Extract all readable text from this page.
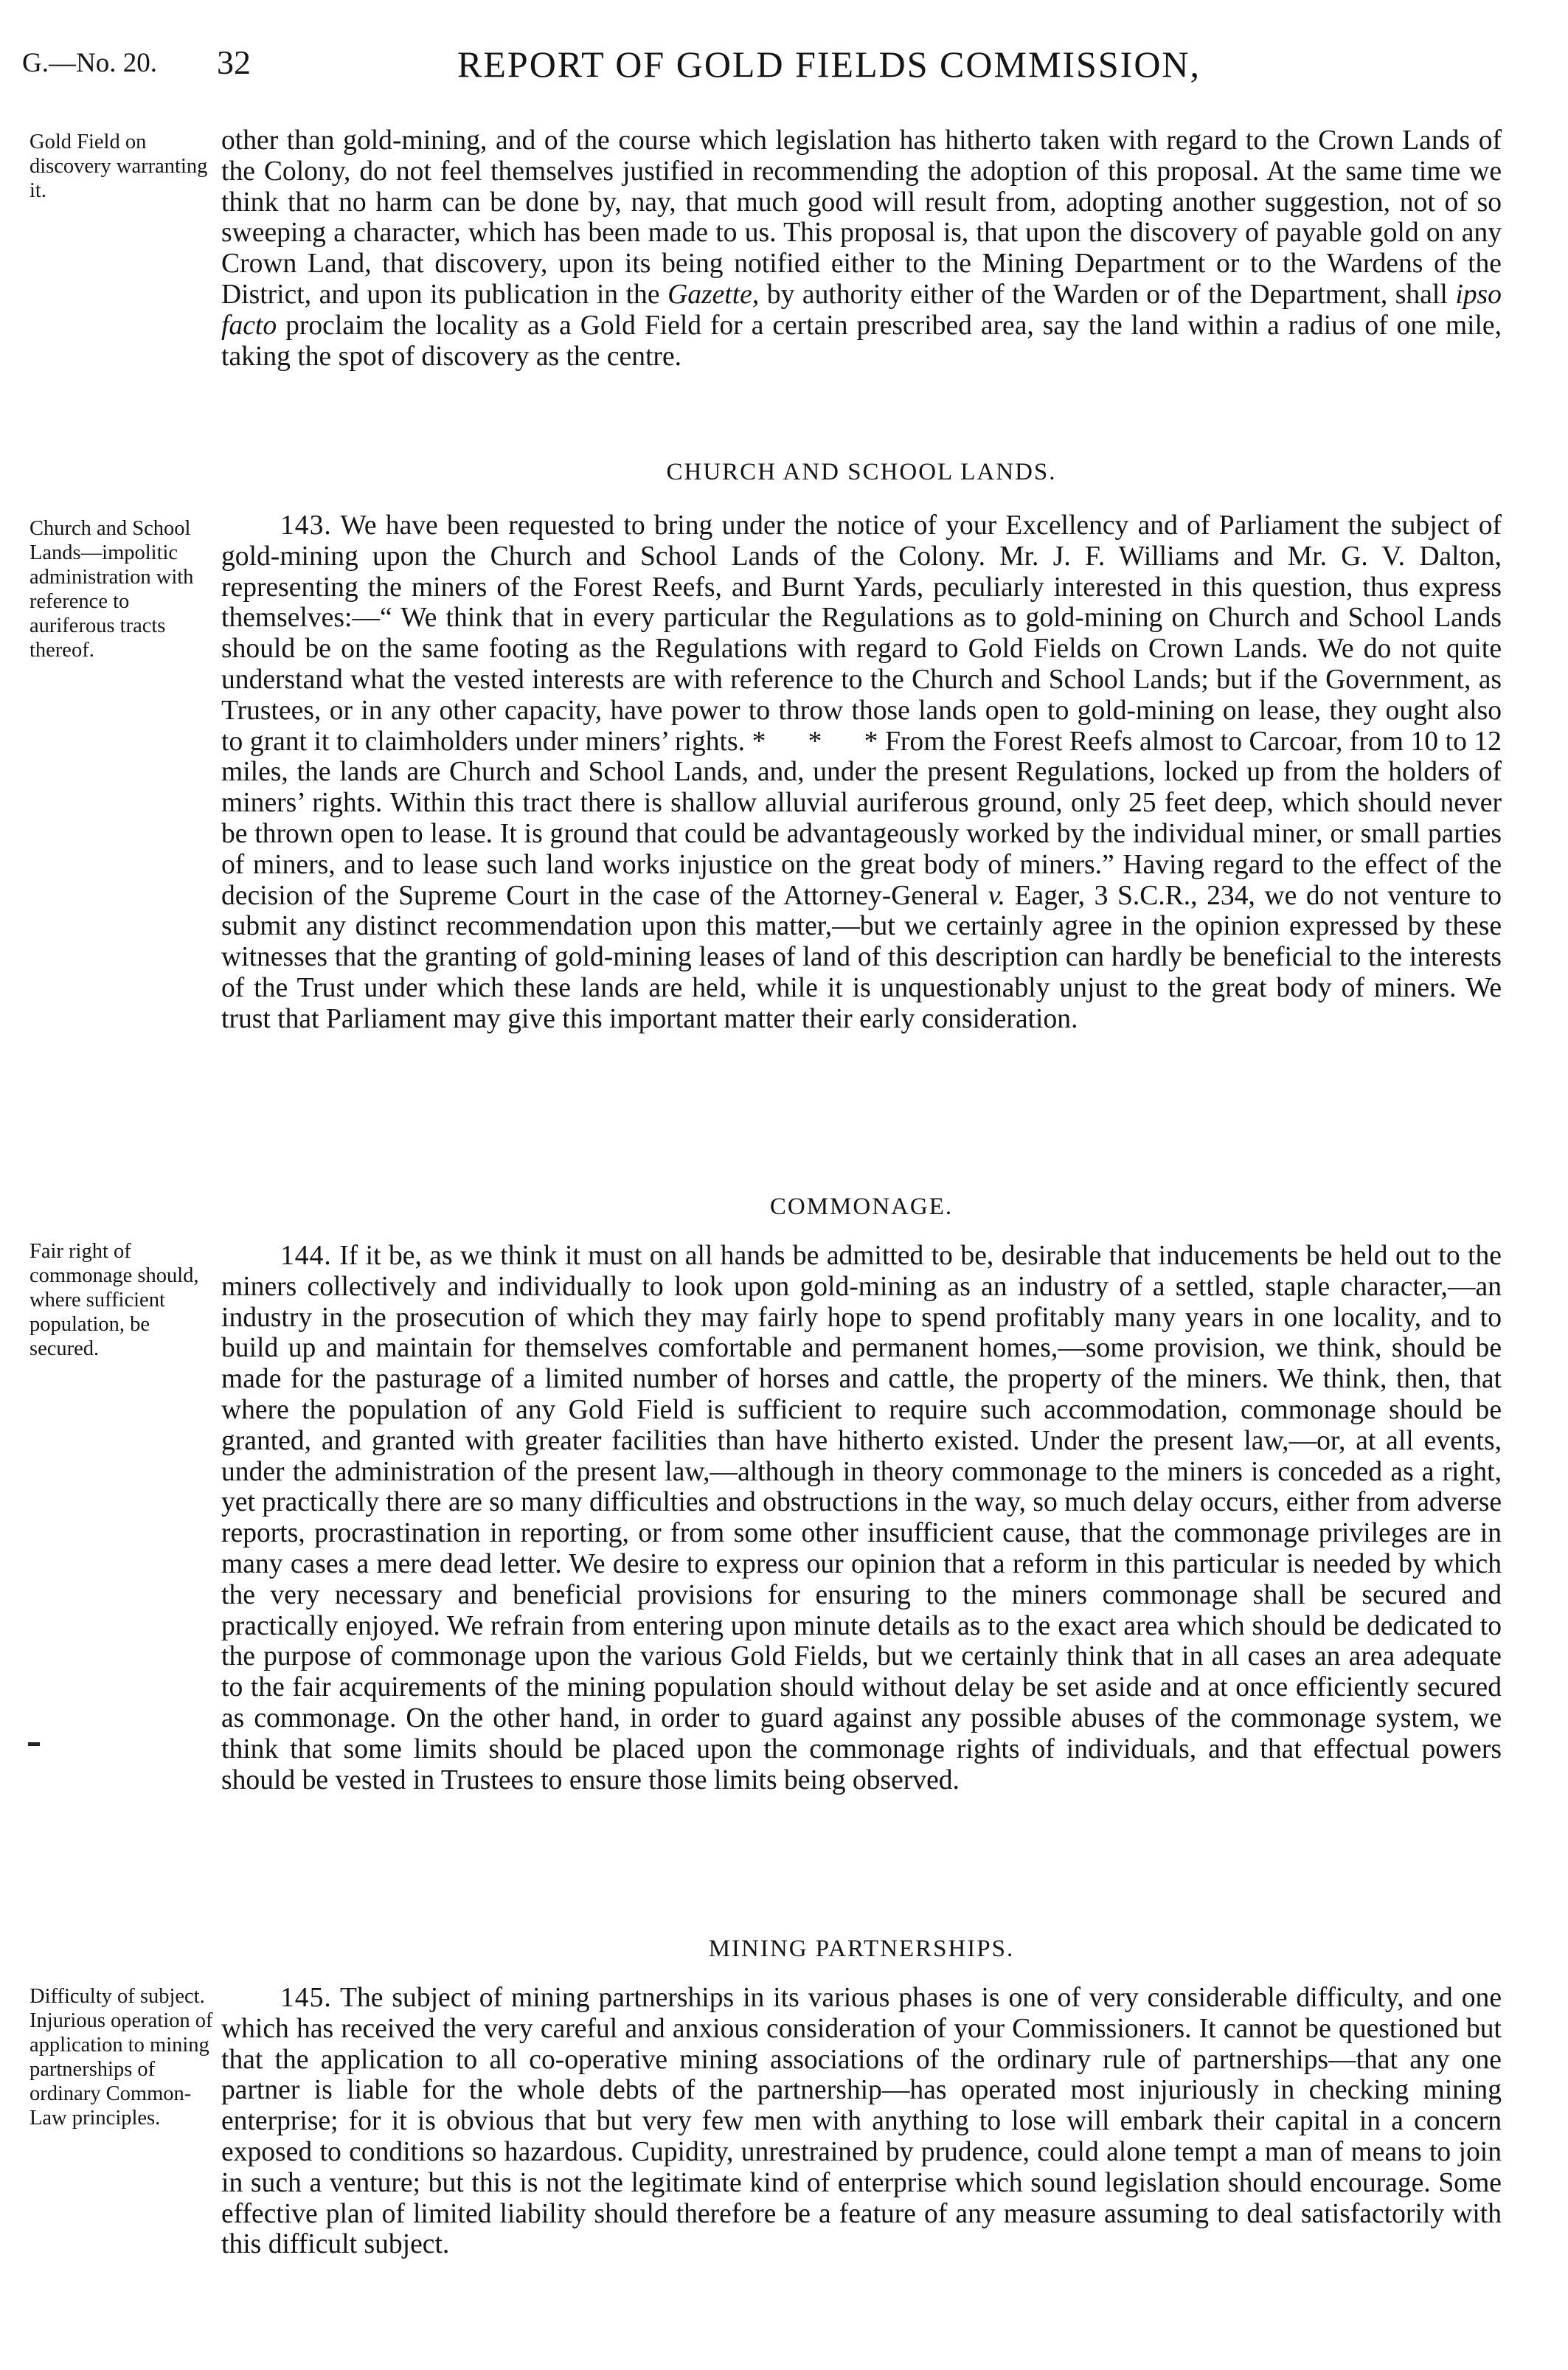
G.—No. 20. 32	REPORT OF GOLD FIELDS COMMISSION,
Gold Field on discovery warranting it.
Church and School Lands—impolitic administration with reference to auriferous tracts thereof.
Fair right of commonage should, where sufficient population, be secured.
Difficulty of subject. Injurious operation of application to mining partnerships of ordinary Common-Law principles.

other than gold-mining, and of the course which legislation has hitherto taken with regard to the Crown Lands of the Colony, do not feel themselves justified in recommending the adoption of this proposal. At the same time we think that no harm can be done by, nay, that much good will result from, adopting another suggestion, not of so sweeping a character, which has been made to us. This proposal is, that upon the discovery of payable gold on any Crown Land, that discovery, upon its being notified either to the Mining Department or to the Wardens of the District, and upon its publication in the Gazette, by authority either of the Warden or of the Department, shall ipso facto proclaim the locality as a Gold Field for a certain prescribed area, say the land within a radius of one mile, taking the spot of discovery as the centre.

CHURCH AND SCHOOL LANDS.

143. We have been requested to bring under the notice of your Excellency and of Parliament the subject of gold-mining upon the Church and School Lands of the Colony. Mr. J. F. Williams and Mr. G. V. Dalton, representing the miners of the Forest Reefs, and Burnt Yards, peculiarly interested in this question, thus express themselves:—“ We think that in every particular the Regulations as to gold-mining on Church and School Lands should be on the same footing as the Regulations with regard to Gold Fields on Crown Lands. We do not quite understand what the vested interests are with reference to the Church and School Lands; but if the Government, as Trustees, or in any other capacity, have power to throw those lands open to gold-mining on lease, they ought also to grant it to claimholders under miners’ rights. *      *      * From the Forest Reefs almost to Carcoar, from 10 to 12 miles, the lands are Church and School Lands, and, under the present Regulations, locked up from the holders of miners’ rights. Within this tract there is shallow alluvial auriferous ground, only 25 feet deep, which should never be thrown open to lease. It is ground that could be advantageously worked by the individual miner, or small parties of miners, and to lease such land works injustice on the great body of miners.” Having regard to the effect of the decision of the Supreme Court in the case of the Attorney-General v. Eager, 3 S.C.R., 234, we do not venture to submit any distinct recommendation upon this matter,—but we certainly agree in the opinion expressed by these witnesses that the granting of gold-mining leases of land of this description can hardly be beneficial to the interests of the Trust under which these lands are held, while it is unquestionably unjust to the great body of miners. We trust that Parliament may give this important matter their early consideration.

COMMONAGE.

144. If it be, as we think it must on all hands be admitted to be, desirable that inducements be held out to the miners collectively and individually to look upon gold-mining as an industry of a settled, staple character,—an industry in the prosecution of which they may fairly hope to spend profitably many years in one locality, and to build up and maintain for themselves comfortable and permanent homes,—some provision, we think, should be made for the pasturage of a limited number of horses and cattle, the property of the miners. We think, then, that where the population of any Gold Field is sufficient to require such accommodation, commonage should be granted, and granted with greater facilities than have hitherto existed. Under the present law,—or, at all events, under the administration of the present law,—although in theory commonage to the miners is conceded as a right, yet practically there are so many difficulties and obstructions in the way, so much delay occurs, either from adverse reports, procrastination in reporting, or from some other insufficient cause, that the commonage privileges are in many cases a mere dead letter. We desire to express our opinion that a reform in this particular is needed by which the very necessary and beneficial provisions for ensuring to the miners commonage shall be secured and practically enjoyed. We refrain from entering upon minute details as to the exact area which should be dedicated to the purpose of commonage upon the various Gold Fields, but we certainly think that in all cases an area adequate to the fair acquirements of the mining population should without delay be set aside and at once efficiently secured as commonage. On the other hand, in order to guard against any possible abuses of the commonage system, we think that some limits should be placed upon the commonage rights of individuals, and that effectual powers should be vested in Trustees to ensure those limits being observed.

MINING PARTNERSHIPS.

145. The subject of mining partnerships in its various phases is one of very considerable difficulty, and one which has received the very careful and anxious consideration of your Commissioners. It cannot be questioned but that the application to all co-operative mining associations of the ordinary rule of partnerships—that any one partner is liable for the whole debts of the partnership—has operated most injuriously in checking mining enterprise; for it is obvious that but very few men with anything to lose will embark their capital in a concern exposed to conditions so hazardous. Cupidity, unrestrained by prudence, could alone tempt a man of means to join in such a venture; but this is not the legitimate kind of enterprise which sound legislation should encourage. Some effective plan of limited liability should therefore be a feature of any measure assuming to deal satisfactorily with this difficult subject.
